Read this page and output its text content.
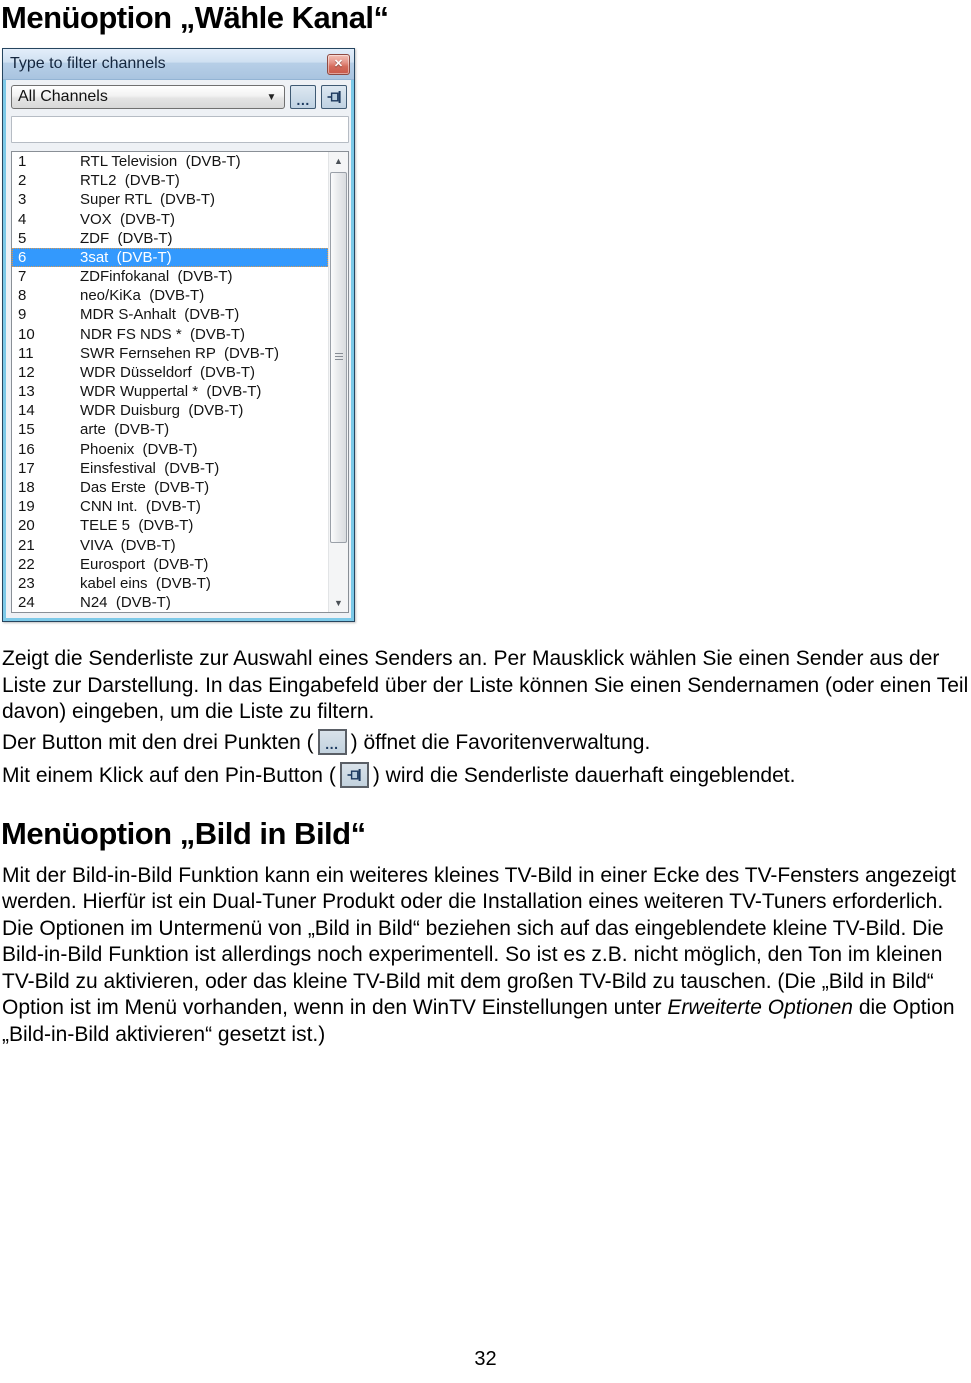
Menüoption „Wähle Kanal“
Type to filter channels	✕
All Channels	▼	…
1	RTL Television  (DVB-T)
2	RTL2  (DVB-T)
3	Super RTL  (DVB-T)
4	VOX  (DVB-T)
5	ZDF  (DVB-T)
6	3sat  (DVB-T)
7	ZDFinfokanal  (DVB-T)
8	neo/KiKa  (DVB-T)
9	MDR S-Anhalt  (DVB-T)
10	NDR FS NDS *  (DVB-T)
11	SWR Fernsehen RP  (DVB-T)
12	WDR Düsseldorf  (DVB-T)
13	WDR Wuppertal *  (DVB-T)
14	WDR Duisburg  (DVB-T)
15	arte  (DVB-T)
16	Phoenix  (DVB-T)
17	Einsfestival  (DVB-T)
18	Das Erste  (DVB-T)
19	CNN Int.  (DVB-T)
20	TELE 5  (DVB-T)
21	VIVA  (DVB-T)
22	Eurosport  (DVB-T)
23	kabel eins  (DVB-T)
24	N24  (DVB-T)
▲
▼

Zeigt die Senderliste zur Auswahl eines Senders an. Per Mausklick wählen Sie einen Sender aus der Liste zur Darstellung. In das Eingabefeld über der Liste können Sie einen Sendernamen (oder einen Teil davon) eingeben, um die Liste zu filtern.

Der Button mit den drei Punkten ( … ) öffnet die Favoritenverwaltung.
Mit einem Klick auf den Pin-Button ( ) wird die Senderliste dauerhaft eingeblendet.
Menüoption „Bild in Bild“

Mit der Bild-in-Bild Funktion kann ein weiteres kleines TV-Bild in einer Ecke des TV-Fensters angezeigt werden. Hierfür ist ein Dual-Tuner Produkt oder die Installation eines weiteren TV-Tuners erforderlich. Die Optionen im Untermenü von „Bild in Bild“ beziehen sich auf das eingeblendete kleine TV-Bild. Die Bild-in-Bild Funktion ist allerdings noch experimentell. So ist es z.B. nicht möglich, den Ton im kleinen TV-Bild zu aktivieren, oder das kleine TV-Bild mit dem großen TV-Bild zu tauschen. (Die „Bild in Bild“ Option ist im Menü vorhanden, wenn in den WinTV Einstellungen unter Erweiterte Optionen die Option „Bild-in-Bild aktivieren“ gesetzt ist.)

32
